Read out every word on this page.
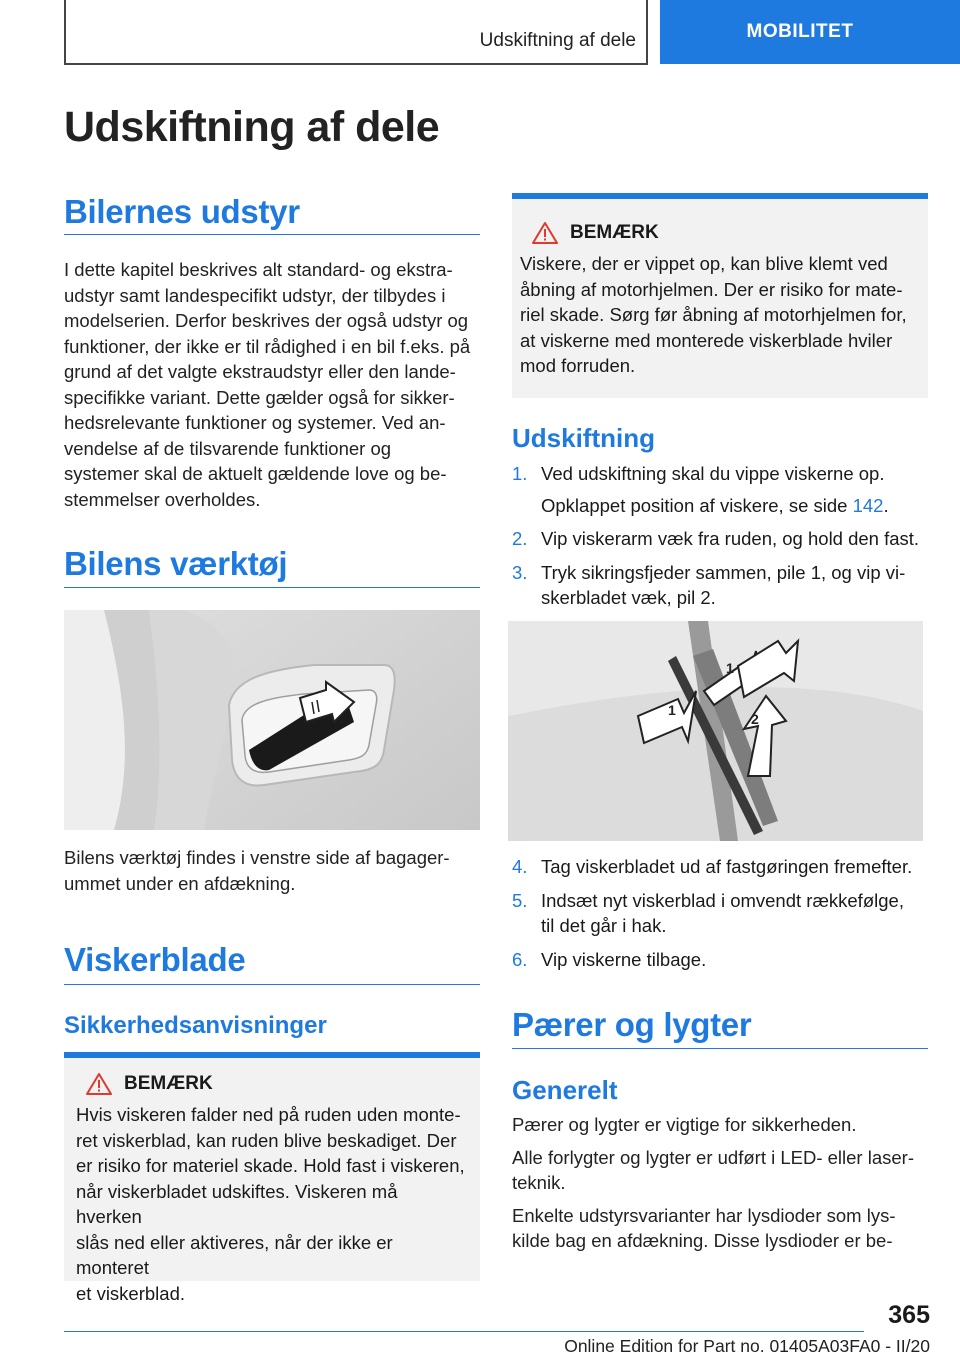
Udskiftning af dele	MOBILITET
Udskiftning af dele
Bilernes udstyr
I dette kapitel beskrives alt standard- og ekstra-
udstyr samt landespecifikt udstyr, der tilbydes i
modelserien. Derfor beskrives der også udstyr og
funktioner, der ikke er til rådighed i en bil f.eks. på
grund af det valgte ekstraudstyr eller den lande-
specifikke variant. Dette gælder også for sikker-
hedsrelevante funktioner og systemer. Ved an-
vendelse af de tilsvarende funktioner og
systemer skal de aktuelt gældende love og be-
stemmelser overholdes.
Bilens værktøj
Bilens værktøj findes i venstre side af bagager-
ummet under en afdækning.
Viskerblade
Sikkerhedsanvisninger
BEMÆRK
Hvis viskeren falder ned på ruden uden monte-
ret viskerblad, kan ruden blive beskadiget. Der
er risiko for materiel skade. Hold fast i viskeren,
når viskerbladet udskiftes. Viskeren må hverken
slås ned eller aktiveres, når der ikke er monteret
et viskerblad.
BEMÆRK
Viskere, der er vippet op, kan blive klemt ved
åbning af motorhjelmen. Der er risiko for mate-
riel skade. Sørg før åbning af motorhjelmen for,
at viskerne med monterede viskerblade hviler
mod forruden.
Udskiftning
1. Ved udskiftning skal du vippe viskerne op.
Opklappet position af viskere, se side 142.
2. Vip viskerarm væk fra ruden, og hold den fast.
3. Tryk sikringsfjeder sammen, pile 1, og vip vi-
skerbladet væk, pil 2.
1
1
2
4. Tag viskerbladet ud af fastgøringen fremefter.
5. Indsæt nyt viskerblad i omvendt rækkefølge,
til det går i hak.
6. Vip viskerne tilbage.
Pærer og lygter
Generelt
Pærer og lygter er vigtige for sikkerheden.
Alle forlygter og lygter er udført i LED- eller laser-
teknik.
Enkelte udstyrsvarianter har lysdioder som lys-
kilde bag en afdækning. Disse lysdioder er be-
365
Online Edition for Part no. 01405A03FA0 - II/20
